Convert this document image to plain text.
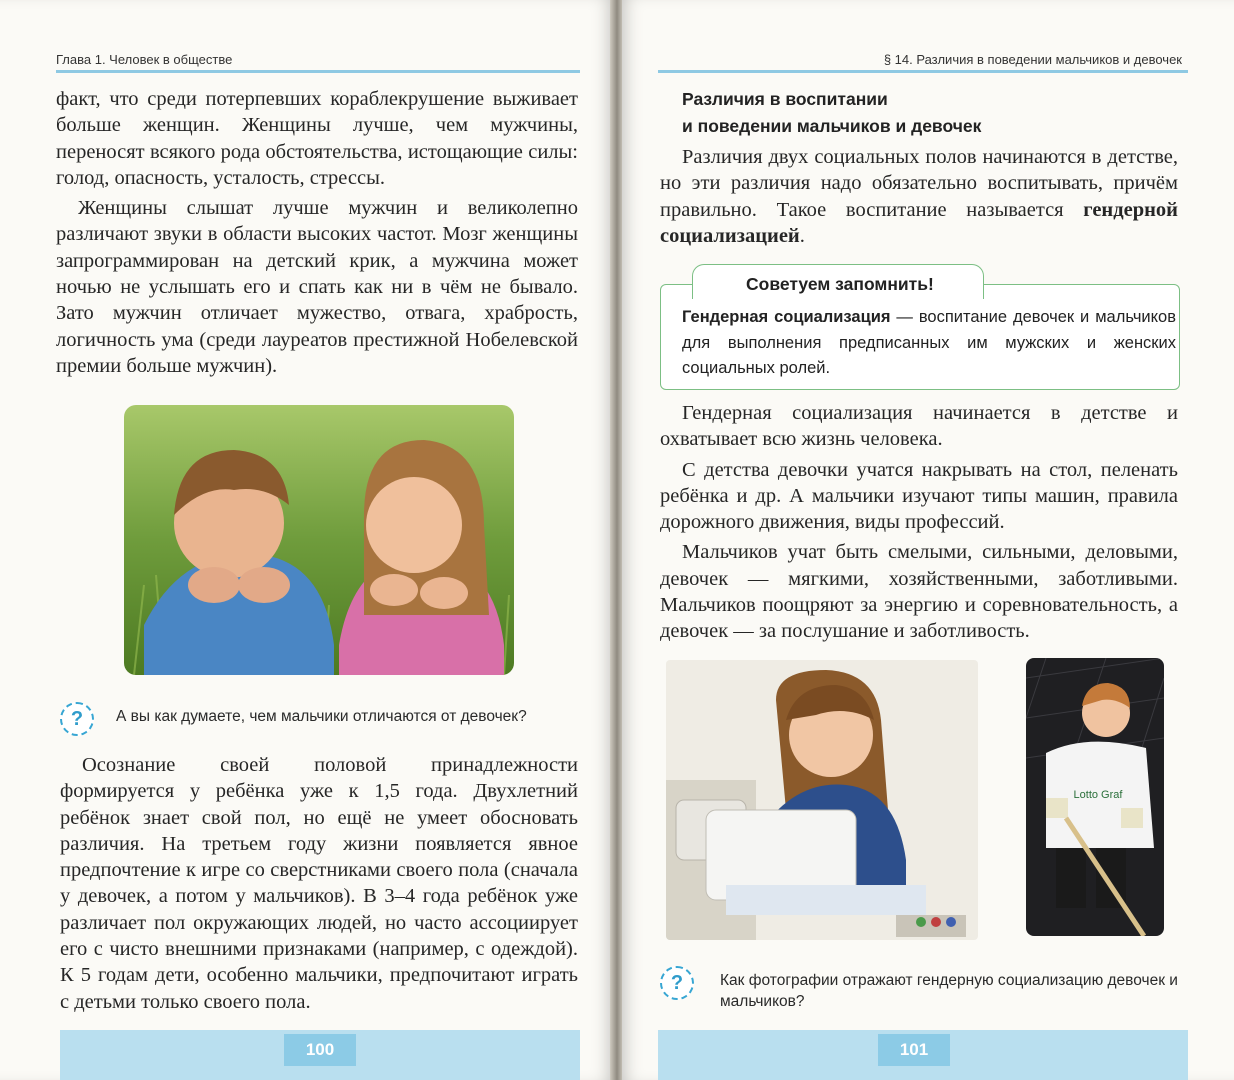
Глава 1. Человек в обществе

факт, что среди потерпевших кораблекрушение выживает больше женщин. Женщины лучше, чем мужчины, переносят всякого рода обстоятельства, истощающие силы: голод, опасность, усталость, стрессы.

Женщины слышат лучше мужчин и великолепно различают звуки в области высоких частот. Мозг женщины запрограммирован на детский крик, а мужчина может ночью не услышать его и спать как ни в чём не бывало. Зато мужчин отличает мужество, отвага, храбрость, логичность ума (среди лауреатов престижной Нобелевской премии больше мужчин).

?	А вы как думаете, чем мальчики отличаются от девочек?

Осознание своей половой принадлежности формируется у ребёнка уже к 1,5 года. Двухлетний ребёнок знает свой пол, но ещё не умеет обосновать различия. На третьем году жизни появляется явное предпочтение к игре со сверстниками своего пола (сначала у девочек, а потом у мальчиков). В 3–4 года ребёнок уже различает пол окружающих людей, но часто ассоциирует его с чисто внешними признаками (например, с одеждой). К 5 годам дети, особенно мальчики, предпочитают играть с детьми только своего пола.

100
§ 14. Различия в поведении мальчиков и девочек
Различия в воспитании
и поведении мальчиков и девочек

Различия двух социальных полов начинаются в детстве, но эти различия надо обязательно воспитывать, причём правильно. Такое воспитание называется гендерной социализацией.

Советуем запомнить!
Гендерная социализация — воспитание девочек и мальчиков для выполнения предписанных им мужских и женских социальных ролей.

Гендерная социализация начинается в детстве и охватывает всю жизнь человека.

С детства девочки учатся накрывать на стол, пеленать ребёнка и др. А мальчики изучают типы машин, правила дорожного движения, виды профессий.

Мальчиков учат быть смелыми, сильными, деловыми, девочек — мягкими, хозяйственными, заботливыми. Мальчиков поощряют за энергию и соревновательность, а девочек — за послушание и заботливость.

Lotto Graf
?	Как фотографии отражают гендерную социализацию девочек и мальчиков?
101
